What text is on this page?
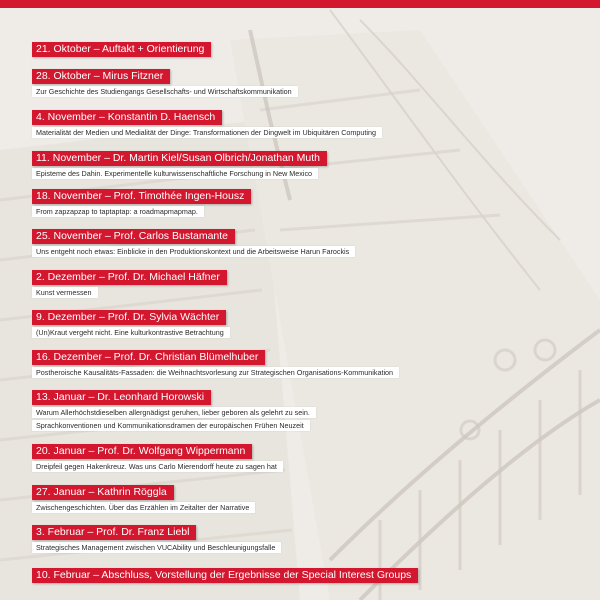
21. Oktober – Auftakt + Orientierung
28. Oktober – Mirus Fitzner
Zur Geschichte des Studiengangs Gesellschafts- und Wirtschaftskommunikation
4. November – Konstantin D. Haensch
Materialität der Medien und Medialität der Dinge: Transformationen der Dingwelt im Ubiquitären Computing
11. November – Dr. Martin Kiel/Susan Olbrich/Jonathan Muth
Episteme des Dahin. Experimentelle kulturwissenschaftliche Forschung in New Mexico
18. November – Prof. Timothée Ingen-Housz
From zapzapzap to taptaptap: a roadmapmapmap.
25. November – Prof. Carlos Bustamante
Uns entgeht noch etwas: Einblicke in den Produktionskontext und die Arbeitsweise Harun Farockis
2. Dezember – Prof. Dr. Michael Häfner
Kunst vermessen
9. Dezember – Prof. Dr. Sylvia Wächter
(Un)Kraut vergeht nicht. Eine kulturkontrastive Betrachtung
16. Dezember – Prof. Dr. Christian Blümelhuber
Postheroische Kausalitäts-Fassaden: die Weihnachtsvorlesung zur Strategischen Organisations-Kommunikation
13. Januar – Dr. Leonhard Horowski
Warum Allerhöchstdieselben allergnädigst geruhen, lieber geboren als gelehrt zu sein.
Sprachkonventionen und Kommunikationsdramen der europäischen Frühen Neuzeit
20. Januar – Prof. Dr. Wolfgang Wippermann
Dreipfeil gegen Hakenkreuz. Was uns Carlo Mierendorff heute zu sagen hat
27. Januar – Kathrin Röggla
Zwischengeschichten. Über das Erzählen im Zeitalter der Narrative
3. Februar – Prof. Dr. Franz Liebl
Strategisches Management zwischen VUCAbility und Beschleunigungsfalle
10. Februar – Abschluss, Vorstellung der Ergebnisse der Special Interest Groups
